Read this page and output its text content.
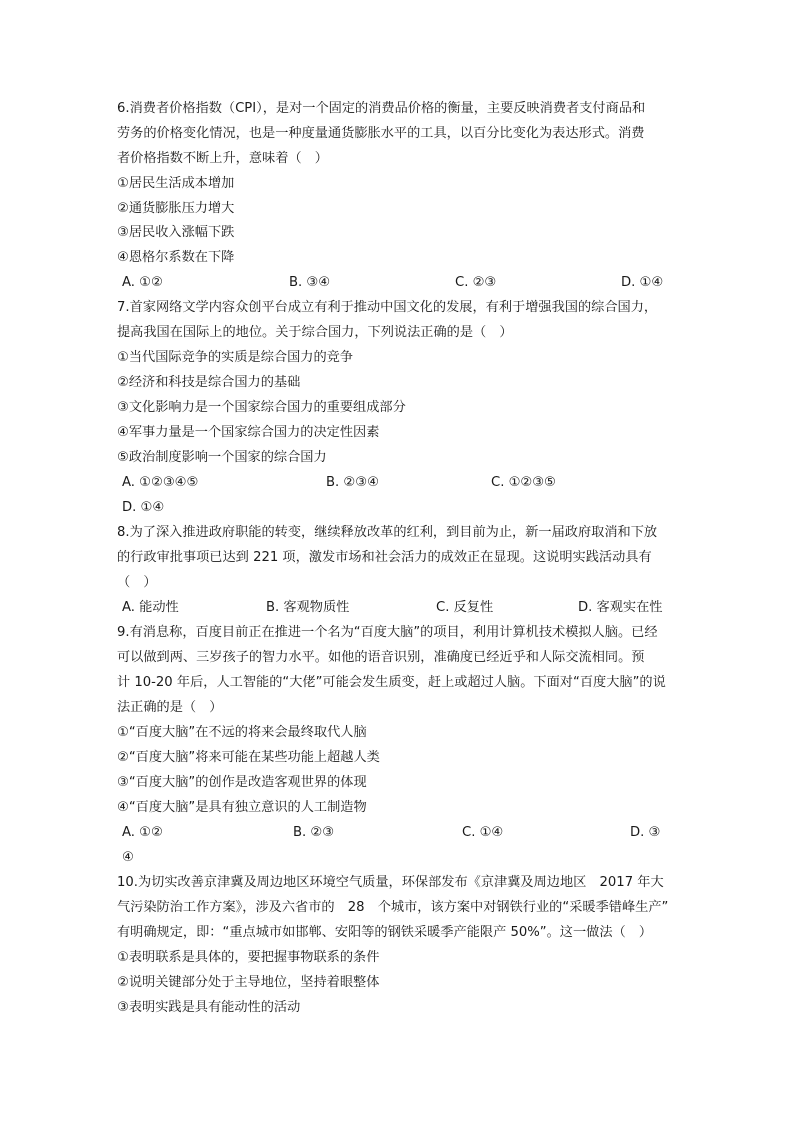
6.消费者价格指数（CPI），是对一个固定的消费品价格的衡量，主要反映消费者支付商品和
劳务的价格变化情况，也是一种度量通货膨胀水平的工具，以百分比变化为表达形式。消费
者价格指数不断上升，意味着（　）
①居民生活成本增加
②通货膨胀压力增大
③居民收入涨幅下跌
④恩格尔系数在下降
A. ①②	B. ③④	C. ②③	D. ①④
7.首家网络文学内容众创平台成立有利于推动中国文化的发展，有利于增强我国的综合国力，
提高我国在国际上的地位。关于综合国力，下列说法正确的是（　）
①当代国际竞争的实质是综合国力的竞争
②经济和科技是综合国力的基础
③文化影响力是一个国家综合国力的重要组成部分
④军事力量是一个国家综合国力的决定性因素
⑤政治制度影响一个国家的综合国力
A. ①②③④⑤	B. ②③④	C. ①②③⑤
D. ①④
8.为了深入推进政府职能的转变，继续释放改革的红利，到目前为止，新一届政府取消和下放
的行政审批事项已达到 221 项，激发市场和社会活力的成效正在显现。这说明实践活动具有
（　）
A. 能动性	B. 客观物质性	C. 反复性	D. 客观实在性
9.有消息称，百度目前正在推进一个名为“百度大脑”的项目，利用计算机技术模拟人脑。已经
可以做到两、三岁孩子的智力水平。如他的语音识别，准确度已经近乎和人际交流相同。预
计 10-20 年后，人工智能的“大佬”可能会发生质变，赶上或超过人脑。下面对“百度大脑”的说
法正确的是（　）
①“百度大脑”在不远的将来会最终取代人脑
②“百度大脑”将来可能在某些功能上超越人类
③“百度大脑”的创作是改造客观世界的体现
④“百度大脑”是具有独立意识的人工制造物
A. ①②	B. ②③	C. ①④	D. ③
④
10.为切实改善京津冀及周边地区环境空气质量，环保部发布《京津冀及周边地区　2017 年大
气污染防治工作方案》，涉及六省市的　28　个城市，该方案中对钢铁行业的“采暖季错峰生产”
有明确规定，即：“重点城市如邯郸、安阳等的钢铁采暖季产能限产 50%”。这一做法（　）
①表明联系是具体的，要把握事物联系的条件
②说明关键部分处于主导地位，坚持着眼整体
③表明实践是具有能动性的活动
